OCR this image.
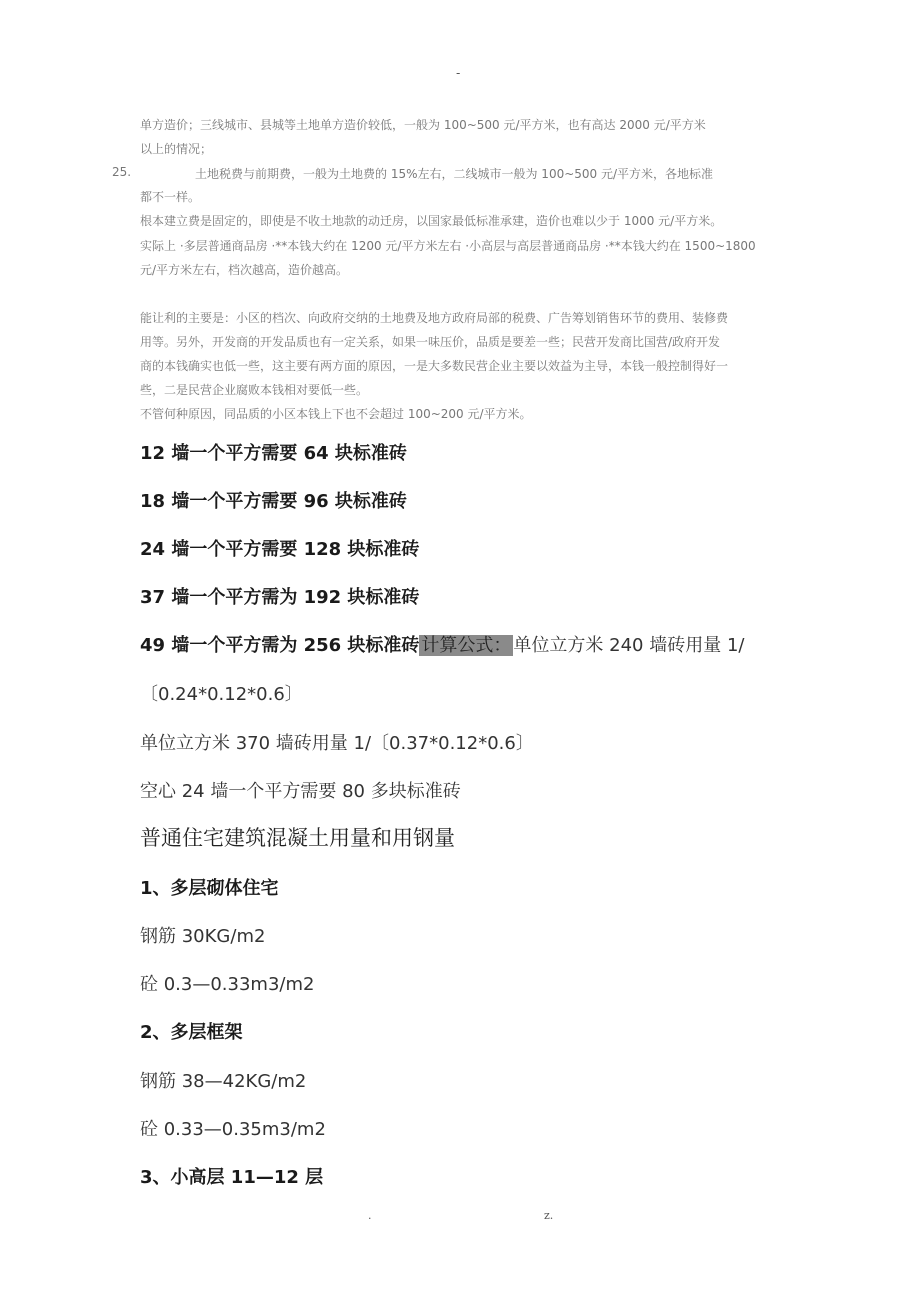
-
单方造价；三线城市、县城等土地单方造价较低，一般为 100~500 元/平方米，也有高达 2000 元/平方米
以上的情况；
25.	土地税费与前期费，一般为土地费的 15%左右，二线城市一般为 100~500 元/平方米，各地标准
都不一样。
根本建立费是固定的，即使是不收土地款的动迁房，以国家最低标准承建，造价也难以少于 1000 元/平方米。
实际上 ·多层普通商品房 ·**本钱大约在 1200 元/平方米左右 ·小高层与高层普通商品房 ·**本钱大约在 1500~1800
元/平方米左右，档次越高，造价越高。
能让利的主要是：小区的档次、向政府交纳的土地费及地方政府局部的税费、广告筹划销售环节的费用、装修费
用等。另外，开发商的开发品质也有一定关系，如果一味压价，品质是要差一些；民营开发商比国营/政府开发
商的本钱确实也低一些，这主要有两方面的原因，一是大多数民营企业主要以效益为主导，本钱一般控制得好一
些，二是民营企业腐败本钱相对要低一些。
不管何种原因，同品质的小区本钱上下也不会超过 100~200 元/平方米。
12 墙一个平方需要 64 块标准砖
18 墙一个平方需要 96 块标准砖
24 墙一个平方需要 128 块标准砖
37 墙一个平方需为 192 块标准砖
49 墙一个平方需为 256 块标准砖 计算公式： 单位立方米 240 墙砖用量 1/
〔0.24*0.12*0.6〕
单位立方米 370 墙砖用量 1/〔0.37*0.12*0.6〕
空心 24 墙一个平方需要 80 多块标准砖
普通住宅建筑混凝土用量和用钢量
1、多层砌体住宅
钢筋 30KG/m2
砼 0.3—0.33m3/m2
2、多层框架
钢筋 38—42KG/m2
砼 0.33—0.35m3/m2
3、小高层 11—12 层
.	z.
